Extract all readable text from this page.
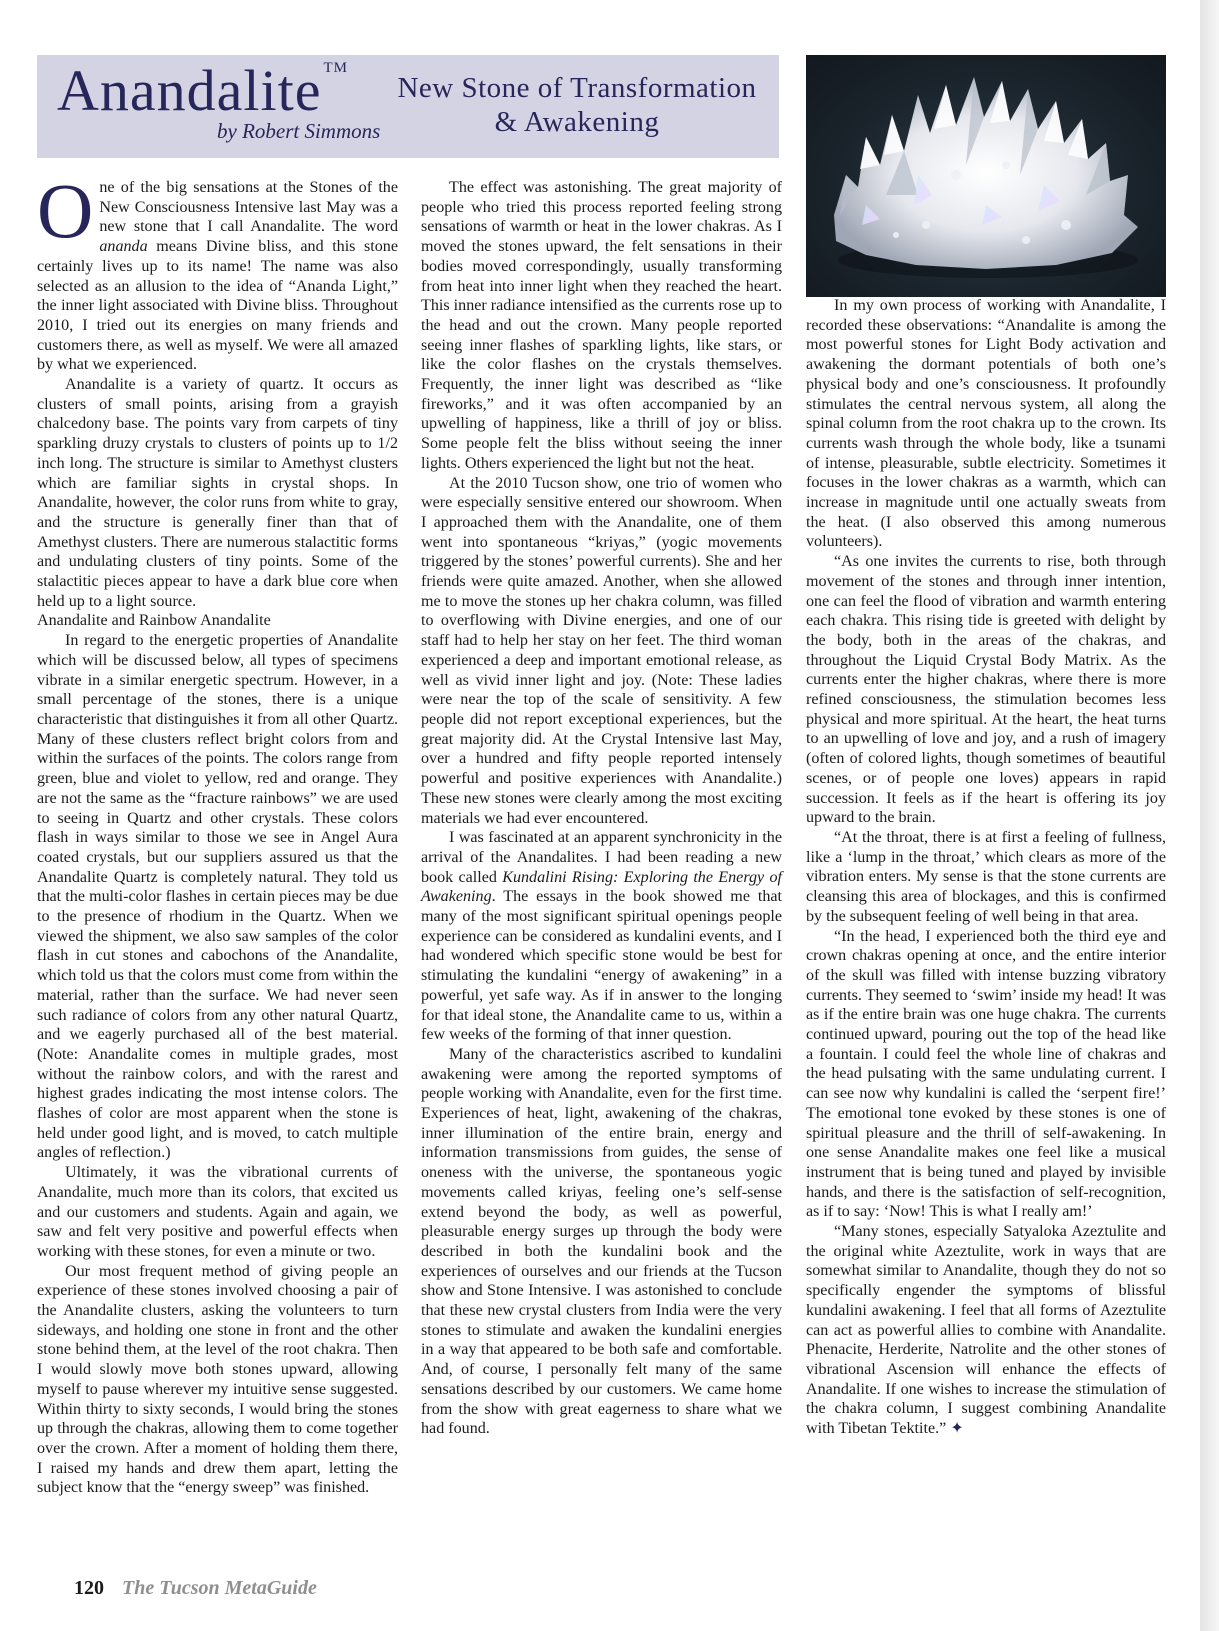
Anandalite ™
New Stone of Transformation
& Awakening
by Robert Simmons

One of the big sensations at the Stones of the New Consciousness Intensive last May was a new stone that I call Anandalite. The word ananda means Divine bliss, and this stone certainly lives up to its name! The name was also selected as an allusion to the idea of “Ananda Light,” the inner light associated with Divine bliss. Throughout 2010, I tried out its energies on many friends and customers there, as well as myself. We were all amazed by what we experienced.

Anandalite is a variety of quartz. It occurs as clusters of small points, arising from a grayish chalcedony base. The points vary from carpets of tiny sparkling druzy crystals to clusters of points up to 1/2 inch long. The structure is similar to Amethyst clusters which are familiar sights in crystal shops. In Anandalite, however, the color runs from white to gray, and the structure is generally finer than that of Amethyst clusters. There are numerous stalactitic forms and undulating clusters of tiny points. Some of the stalactitic pieces appear to have a dark blue core when held up to a light source.

Anandalite and Rainbow Anandalite

In regard to the energetic properties of Anandalite which will be discussed below, all types of specimens vibrate in a similar energetic spectrum. However, in a small percentage of the stones, there is a unique characteristic that distinguishes it from all other Quartz. Many of these clusters reflect bright colors from and within the surfaces of the points. The colors range from green, blue and violet to yellow, red and orange. They are not the same as the “fracture rainbows” we are used to seeing in Quartz and other crystals. These colors flash in ways similar to those we see in Angel Aura coated crystals, but our suppliers assured us that the Anandalite Quartz is completely natural. They told us that the multi-color flashes in certain pieces may be due to the presence of rhodium in the Quartz. When we viewed the shipment, we also saw samples of the color flash in cut stones and cabochons of the Anandalite, which told us that the colors must come from within the material, rather than the surface. We had never seen such radiance of colors from any other natural Quartz, and we eagerly purchased all of the best material. (Note: Anandalite comes in multiple grades, most without the rainbow colors, and with the rarest and highest grades indicating the most intense colors. The flashes of color are most apparent when the stone is held under good light, and is moved, to catch multiple angles of reflection.)

Ultimately, it was the vibrational currents of Anandalite, much more than its colors, that excited us and our customers and students. Again and again, we saw and felt very positive and powerful effects when working with these stones, for even a minute or two.

Our most frequent method of giving people an experience of these stones involved choosing a pair of the Anandalite clusters, asking the volunteers to turn sideways, and holding one stone in front and the other stone behind them, at the level of the root chakra. Then I would slowly move both stones upward, allowing myself to pause wherever my intuitive sense suggested. Within thirty to sixty seconds, I would bring the stones up through the chakras, allowing them to come together over the crown. After a moment of holding them there, I raised my hands and drew them apart, letting the subject know that the “energy sweep” was finished.

The effect was astonishing. The great majority of people who tried this process reported feeling strong sensations of warmth or heat in the lower chakras. As I moved the stones upward, the felt sensations in their bodies moved correspondingly, usually transforming from heat into inner light when they reached the heart. This inner radiance intensified as the currents rose up to the head and out the crown. Many people reported seeing inner flashes of sparkling lights, like stars, or like the color flashes on the crystals themselves. Frequently, the inner light was described as “like fireworks,” and it was often accompanied by an upwelling of happiness, like a thrill of joy or bliss. Some people felt the bliss without seeing the inner lights. Others experienced the light but not the heat.

At the 2010 Tucson show, one trio of women who were especially sensitive entered our showroom. When I approached them with the Anandalite, one of them went into spontaneous “kriyas,” (yogic movements triggered by the stones’ powerful currents). She and her friends were quite amazed. Another, when she allowed me to move the stones up her chakra column, was filled to overflowing with Divine energies, and one of our staff had to help her stay on her feet. The third woman experienced a deep and important emotional release, as well as vivid inner light and joy. (Note: These ladies were near the top of the scale of sensitivity. A few people did not report exceptional experiences, but the great majority did. At the Crystal Intensive last May, over a hundred and fifty people reported intensely powerful and positive experiences with Anandalite.) These new stones were clearly among the most exciting materials we had ever encountered.

I was fascinated at an apparent synchronicity in the arrival of the Anandalites. I had been reading a new book called Kundalini Rising: Exploring the Energy of Awakening. The essays in the book showed me that many of the most significant spiritual openings people experience can be considered as kundalini events, and I had wondered which specific stone would be best for stimulating the kundalini “energy of awakening” in a powerful, yet safe way. As if in answer to the longing for that ideal stone, the Anandalite came to us, within a few weeks of the forming of that inner question.

Many of the characteristics ascribed to kundalini awakening were among the reported symptoms of people working with Anandalite, even for the first time. Experiences of heat, light, awakening of the chakras, inner illumination of the entire brain, energy and information transmissions from guides, the sense of oneness with the universe, the spontaneous yogic movements called kriyas, feeling one’s self-sense extend beyond the body, as well as powerful, pleasurable energy surges up through the body were described in both the kundalini book and the experiences of ourselves and our friends at the Tucson show and Stone Intensive. I was astonished to conclude that these new crystal clusters from India were the very stones to stimulate and awaken the kundalini energies in a way that appeared to be both safe and comfortable. And, of course, I personally felt many of the same sensations described by our customers. We came home from the show with great eagerness to share what we had found.

In my own process of working with Anandalite, I recorded these observations: “Anandalite is among the most powerful stones for Light Body activation and awakening the dormant potentials of both one’s physical body and one’s consciousness. It profoundly stimulates the central nervous system, all along the spinal column from the root chakra up to the crown. Its currents wash through the whole body, like a tsunami of intense, pleasurable, subtle electricity. Sometimes it focuses in the lower chakras as a warmth, which can increase in magnitude until one actually sweats from the heat. (I also observed this among numerous volunteers).

“As one invites the currents to rise, both through movement of the stones and through inner intention, one can feel the flood of vibration and warmth entering each chakra. This rising tide is greeted with delight by the body, both in the areas of the chakras, and throughout the Liquid Crystal Body Matrix. As the currents enter the higher chakras, where there is more refined consciousness, the stimulation becomes less physical and more spiritual. At the heart, the heat turns to an upwelling of love and joy, and a rush of imagery (often of colored lights, though sometimes of beautiful scenes, or of people one loves) appears in rapid succession. It feels as if the heart is offering its joy upward to the brain.

“At the throat, there is at first a feeling of fullness, like a ‘lump in the throat,’ which clears as more of the vibration enters. My sense is that the stone currents are cleansing this area of blockages, and this is confirmed by the subsequent feeling of well being in that area.

“In the head, I experienced both the third eye and crown chakras opening at once, and the entire interior of the skull was filled with intense buzzing vibratory currents. They seemed to ‘swim’ inside my head! It was as if the entire brain was one huge chakra. The currents continued upward, pouring out the top of the head like a fountain. I could feel the whole line of chakras and the head pulsating with the same undulating current. I can see now why kundalini is called the ‘serpent fire!’ The emotional tone evoked by these stones is one of spiritual pleasure and the thrill of self-awakening. In one sense Anandalite makes one feel like a musical instrument that is being tuned and played by invisible hands, and there is the satisfaction of self-recognition, as if to say: ‘Now! This is what I really am!’

“Many stones, especially Satyaloka Azeztulite and the original white Azeztulite, work in ways that are somewhat similar to Anandalite, though they do not so specifically engender the symptoms of blissful kundalini awakening. I feel that all forms of Azeztulite can act as powerful allies to combine with Anandalite. Phenacite, Herderite, Natrolite and the other stones of vibrational Ascension will enhance the effects of Anandalite. If one wishes to increase the stimulation of the chakra column, I suggest combining Anandalite with Tibetan Tektite.” ✦

120 The Tucson MetaGuide
